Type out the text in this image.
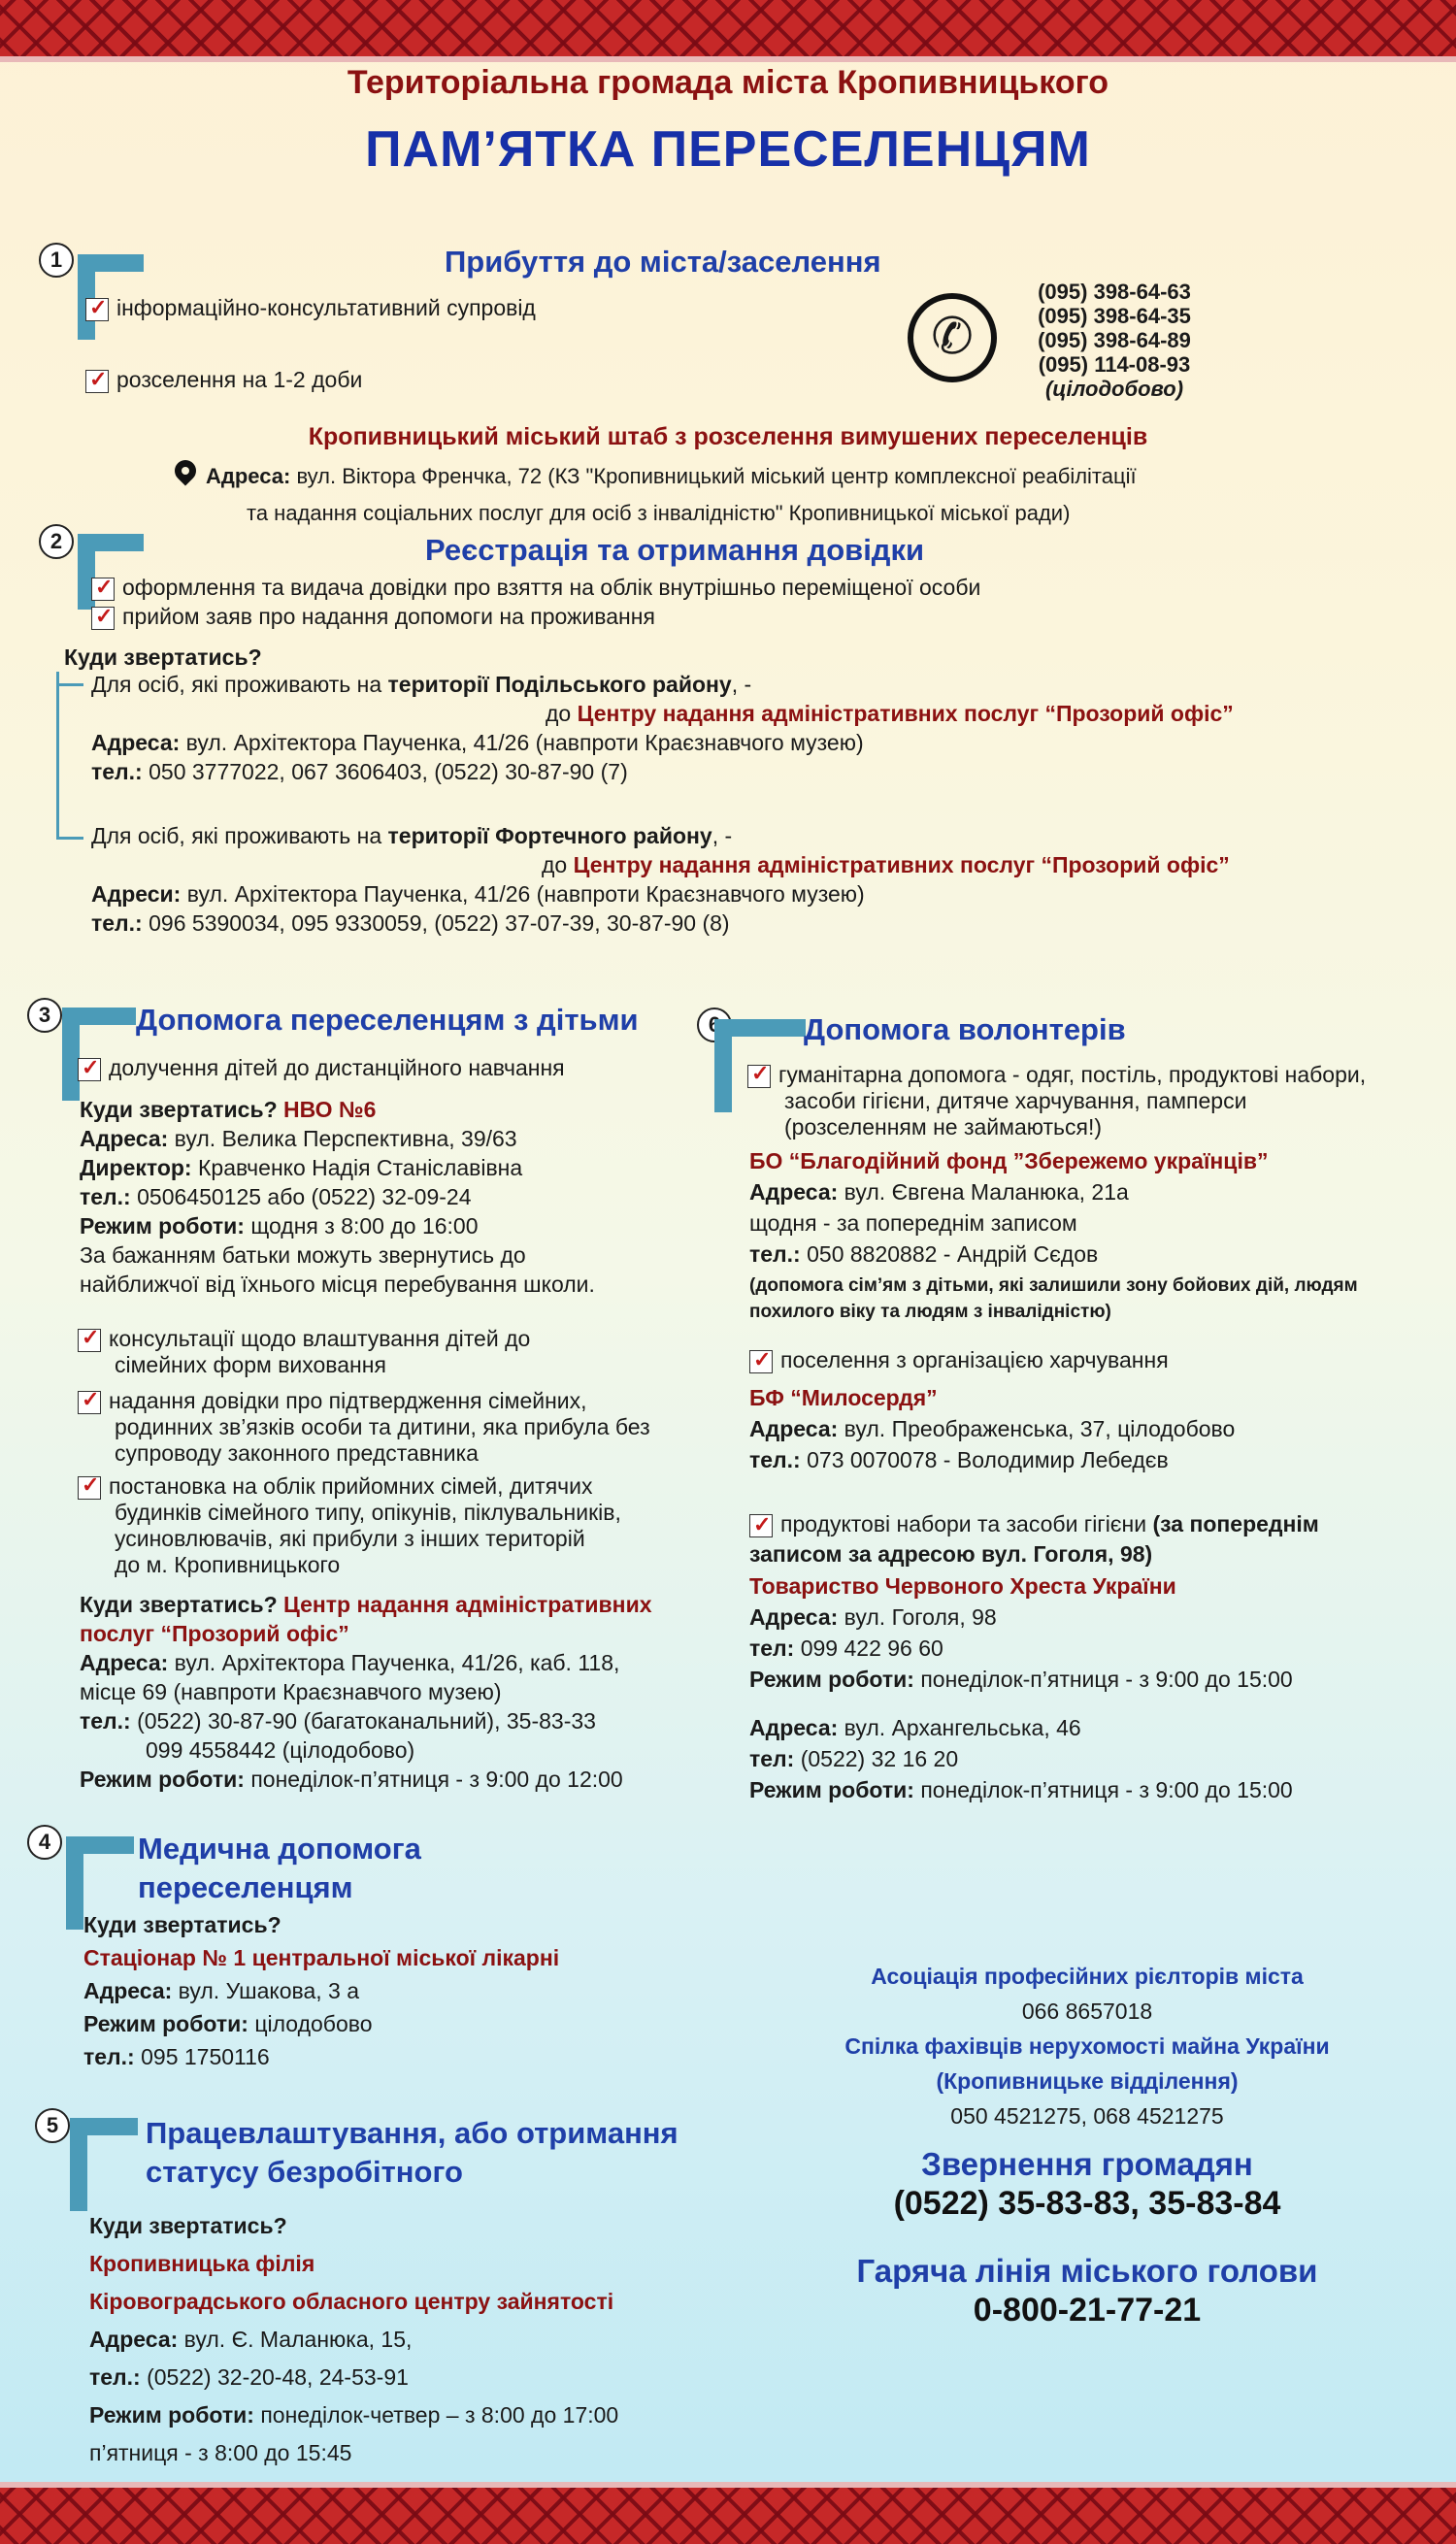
Територіальна громада міста Кропивницького
ПАМ’ЯТКА ПЕРЕСЕЛЕНЦЯМ
1	Прибуття до міста/заселення
✓інформаційно-консультативний супровід
✓розселення на 1-2 доби
✆
(095) 398-64-63
(095) 398-64-35
(095) 398-64-89
(095) 114-08-93
(цілодобово)
Кропивницький міський штаб з розселення вимушених переселенців
Адреса: вул. Віктора Френчка, 72 (КЗ "Кропивницький міський центр комплексної реабілітації
та надання соціальних послуг для осіб з інвалідністю" Кропивницької міської ради)
2	Реєстрація та отримання довідки
✓оформлення та видача довідки про взяття на облік внутрішньо переміщеної особи
✓прийом заяв про надання допомоги на проживання
Куди звертатись?
Для осіб, які проживають на території Подільського району, -
до Центру надання адміністративних послуг “Прозорий офіс”
Адреса: вул. Архітектора Паученка, 41/26 (навпроти Краєзнавчого музею)
тел.: 050 3777022, 067 3606403, (0522) 30-87-90 (7)
Для осіб, які проживають на території Фортечного району, -
до Центру надання адміністративних послуг “Прозорий офіс”
Адреси: вул. Архітектора Паученка, 41/26 (навпроти Краєзнавчого музею)
тел.: 096 5390034, 095 9330059, (0522) 37-07-39, 30-87-90 (8)
3	Допомога переселенцям з дітьми
✓долучення дітей до дистанційного навчання
Куди звертатись? НВО №6
Адреса: вул. Велика Перспективна, 39/63
Директор: Кравченко Надія Станіславівна
тел.: 0506450125 або (0522) 32-09-24
Режим роботи: щодня з 8:00 до 16:00
За бажанням батьки можуть звернутись до
найближчої від їхнього місця перебування школи.
✓консультації щодо влаштування дітей до
сімейних форм виховання
✓надання довідки про підтвердження сімейних,
родинних зв’язків особи та дитини, яка прибула без
супроводу законного представника
✓постановка на облік прийомних сімей, дитячих
будинків сімейного типу, опікунів, піклувальників,
усиновлювачів, які прибули з інших територій
до м. Кропивницького
Куди звертатись? Центр надання адміністративних
послуг “Прозорий офіс”
Адреса: вул. Архітектора Паученка, 41/26, каб. 118,
місце 69 (навпроти Краєзнавчого музею)
тел.: (0522) 30-87-90 (багатоканальний), 35-83-33
099 4558442 (цілодобово)
Режим роботи: понеділок-п’ятниця - з 9:00 до 12:00
4	Медична допомога
переселенцям
Куди звертатись?
Стаціонар № 1 центральної міської лікарні
Адреса: вул. Ушакова, 3 а
Режим роботи: цілодобово
тел.: 095 1750116
5	Працевлаштування, або отримання
статусу безробітного
Куди звертатись?
Кропивницька філія
Кіровоградського обласного центру зайнятості
Адреса: вул. Є. Маланюка, 15,
тел.: (0522) 32-20-48, 24-53-91
Режим роботи: понеділок-четвер – з 8:00 до 17:00
п’ятниця - з 8:00 до 15:45
6	Допомога волонтерів
✓гуманітарна допомога - одяг, постіль, продуктові набори,
засоби гігієни, дитяче харчування, памперси
(розселенням не займаються!)
БО “Благодійний фонд ”Збережемо українців”
Адреса: вул. Євгена Маланюка, 21а
щодня - за попереднім записом
тел.: 050 8820882 - Андрій Сєдов
(допомога сім’ям з дітьми, які залишили зону бойових дій, людям
похилого віку та людям з інвалідністю)
✓поселення з організацією харчування
БФ “Милосердя”
Адреса: вул. Преображенська, 37, цілодобово
тел.: 073 0070078 - Володимир Лебедєв
✓продуктові набори та засоби гігієни (за попереднім
записом за адресою вул. Гоголя, 98)
Товариство Червоного Хреста України
Адреса: вул. Гоголя, 98
тел: 099 422 96 60
Режим роботи: понеділок-п’ятниця - з 9:00 до 15:00
Адреса: вул. Архангельська, 46
тел: (0522) 32 16 20
Режим роботи: понеділок-п’ятниця - з 9:00 до 15:00
Асоціація професійних рієлторів міста
066 8657018
Спілка фахівців нерухомості майна України
(Кропивницьке відділення)
050 4521275, 068 4521275
Звернення громадян
(0522) 35-83-83, 35-83-84
Гаряча лінія міського голови
0-800-21-77-21
